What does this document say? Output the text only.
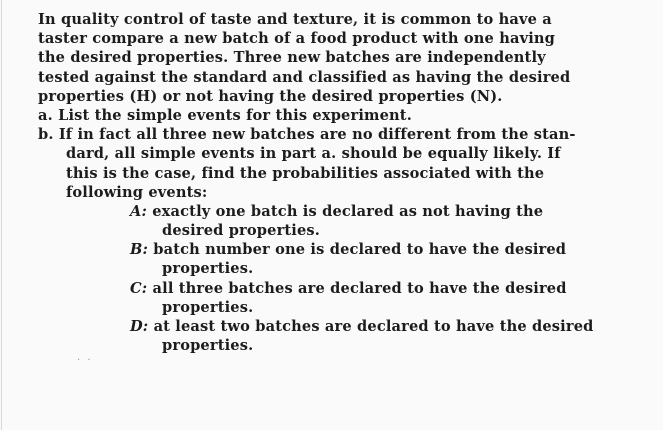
In quality control of taste and texture, it is common to have a
taster compare a new batch of a food product with one having
the desired properties. Three new batches are independently
tested against the standard and classified as having the desired
properties (H) or not having the desired properties (N).
a. List the simple events for this experiment.
b. If in fact all three new batches are no different from the stan-
dard, all simple events in part a. should be equally likely. If
this is the case, find the probabilities associated with the
following events:
A: exactly one batch is declared as not having the
desired properties.
B: batch number one is declared to have the desired
properties.
C: all three batches are declared to have the desired
properties.
D: at least two batches are declared to have the desired
properties.
· ·
